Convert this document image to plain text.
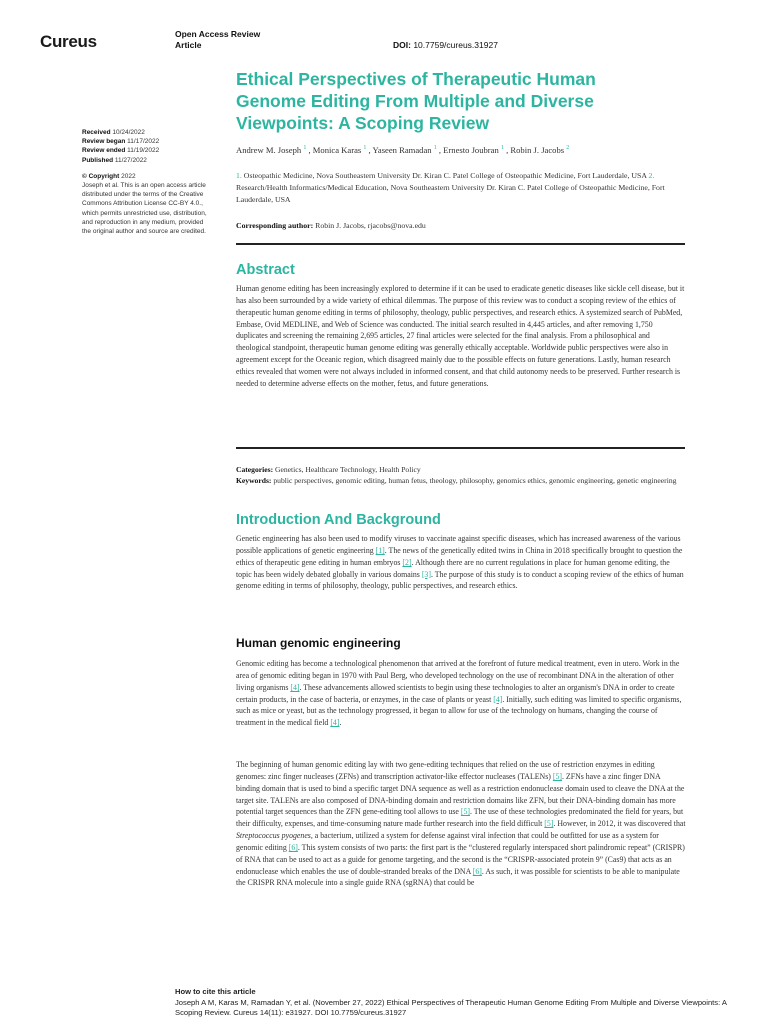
Cureus	Open Access Review
Article	DOI: 10.7759/cureus.31927
Received 10/24/2022
Review began 11/17/2022
Review ended 11/19/2022
Published 11/27/2022
© Copyright 2022
Joseph et al. This is an open access article
distributed under the terms of the Creative
Commons Attribution License CC-BY 4.0.,
which permits unrestricted use, distribution,
and reproduction in any medium, provided
the original author and source are credited.
Ethical Perspectives of Therapeutic Human Genome Editing From Multiple and Diverse Viewpoints: A Scoping Review
Andrew M. Joseph $^1$ , Monica Karas $^1$ , Yaseen Ramadan $^1$ , Ernesto Joubran $^1$ , Robin J. Jacobs $^2$
1. Osteopathic Medicine, Nova Southeastern University Dr. Kiran C. Patel College of Osteopathic Medicine, Fort Lauderdale, USA 2. Research/Health Informatics/Medical Education, Nova Southeastern University Dr. Kiran C. Patel College of Osteopathic Medicine, Fort Lauderdale, USA
Corresponding author: Robin J. Jacobs, rjacobs@nova.edu
Abstract
Human genome editing has been increasingly explored to determine if it can be used to eradicate genetic diseases like sickle cell disease, but it has also been surrounded by a wide variety of ethical dilemmas. The purpose of this review was to conduct a scoping review of the ethics of therapeutic human genome editing in terms of philosophy, theology, public perspectives, and research ethics. A systemized search of PubMed, Embase, Ovid MEDLINE, and Web of Science was conducted. The initial search resulted in 4,445 articles, and after removing 1,750 duplicates and screening the remaining 2,695 articles, 27 final articles were selected for the final analysis. From a philosophical and theological standpoint, therapeutic human genome editing was generally ethically acceptable. Worldwide public perspectives were also in agreement except for the Oceanic region, which disagreed mainly due to the possible effects on future generations. Lastly, human research ethics revealed that women were not always included in informed consent, and that child autonomy needs to be preserved. Further research is needed to determine adverse effects on the mother, fetus, and future generations.
Categories: Genetics, Healthcare Technology, Health Policy
Keywords: public perspectives, genomic editing, human fetus, theology, philosophy, genomics ethics, genomic engineering, genetic engineering
Introduction And Background
Genetic engineering has also been used to modify viruses to vaccinate against specific diseases, which has increased awareness of the various possible applications of genetic engineering [1]. The news of the genetically edited twins in China in 2018 specifically brought to question the ethics of therapeutic gene editing in human embryos [2]. Although there are no current regulations in place for human genome editing, the topic has been widely debated globally in various domains [3]. The purpose of this study is to conduct a scoping review of the ethics of human genome editing in terms of philosophy, theology, public perspectives, and research ethics.
Human genomic engineering
Genomic editing has become a technological phenomenon that arrived at the forefront of future medical treatment, even in utero. Work in the area of genomic editing began in 1970 with Paul Berg, who developed technology on the use of recombinant DNA in the alteration of other living organisms [4]. These advancements allowed scientists to begin using these technologies to alter an organism's DNA in order to create certain products, in the case of bacteria, or enzymes, in the case of plants or yeast [4]. Initially, such editing was limited to specific organisms, such as mice or yeast, but as the technology progressed, it began to allow for use of the technology on humans, changing the course of treatment in the medical field [4].
The beginning of human genomic editing lay with two gene-editing techniques that relied on the use of restriction enzymes in editing genomes: zinc finger nucleases (ZFNs) and transcription activator-like effector nucleases (TALENs) [5]. ZFNs have a zinc finger DNA binding domain that is used to bind a specific target DNA sequence as well as a restriction endonuclease domain used to cleave the DNA at the target site. TALENs are also composed of DNA-binding domain and restriction domains like ZFN, but their DNA-binding domain has more potential target sequences than the ZFN gene-editing tool allows to use [5]. The use of these technologies predominated the field for years, but their difficulty, expenses, and time-consuming nature made further research into the field difficult [5]. However, in 2012, it was discovered that Streptococcus pyogenes, a bacterium, utilized a system for defense against viral infection that could be outfitted for use as a system for genomic editing [6]. This system consists of two parts: the first part is the “clustered regularly interspaced short palindromic repeat” (CRISPR) of RNA that can be used to act as a guide for genome targeting, and the second is the “CRISPR-associated protein 9” (Cas9) that acts as an endonuclease which enables the use of double-stranded breaks of the DNA [6]. As such, it was possible for scientists to be able to manipulate the CRISPR RNA molecule into a single guide RNA (sgRNA) that could be
How to cite this article
Joseph A M, Karas M, Ramadan Y, et al. (November 27, 2022) Ethical Perspectives of Therapeutic Human Genome Editing From Multiple and Diverse Viewpoints: A Scoping Review. Cureus 14(11): e31927. DOI 10.7759/cureus.31927
